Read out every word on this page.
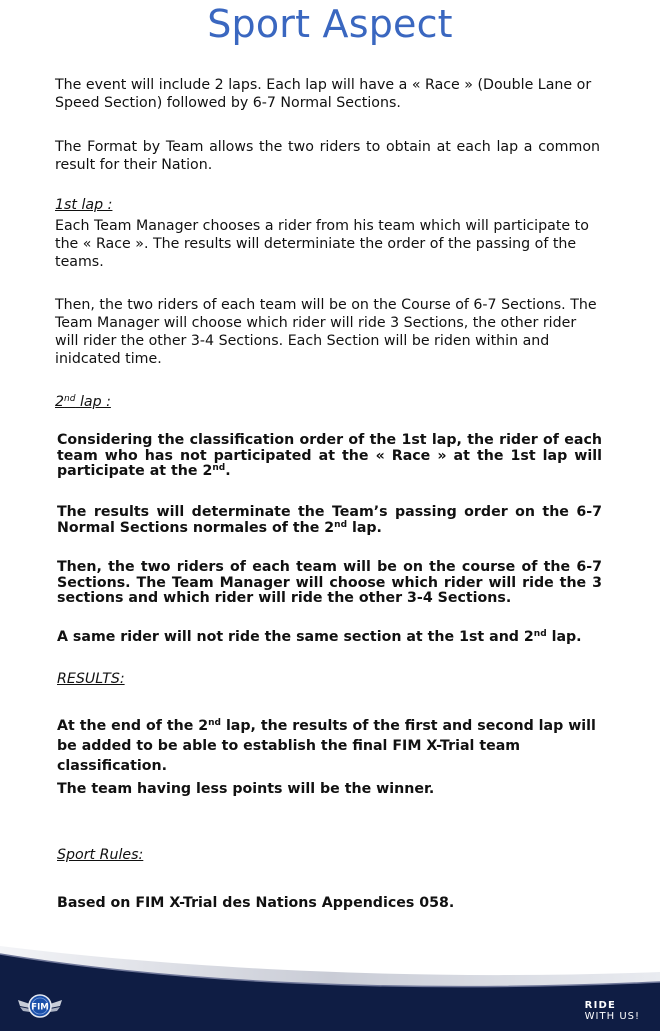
Sport Aspect

The event will include 2 laps. Each lap will have a « Race » (Double Lane or Speed Section) followed by 6-7 Normal Sections.

The Format by Team allows the two riders to obtain at each lap a common result for their Nation.

1st lap :

Each Team Manager chooses a rider from his team which will participate to the « Race ». The results will determiniate the order of the passing of the teams.

Then, the two riders of each team will be on the Course of 6-7 Sections. The Team Manager will choose which rider will ride 3 Sections, the other rider will rider the other 3-4 Sections. Each Section will be riden within and inidcated time.

2nd lap :

Considering the classification order of the 1st lap, the rider of each team who has not participated at the « Race » at the 1st lap will participate at the 2nd.

The results will determinate the Team’s passing order on the 6-7 Normal Sections normales of the 2nd lap.

Then, the two riders of each team will be on the course of the 6-7 Sections. The Team Manager will choose which rider will ride the 3 sections and which rider will ride the other 3-4 Sections.

A same rider will not ride the same section at the 1st and 2nd lap.

RESULTS:

At the end of the 2nd lap, the results of the first and second lap will be added to be able to establish the final FIM X-Trial team classification.

The team having less points will be the winner.

Sport Rules:

Based on FIM X-Trial des Nations Appendices 058.

FIM	RIDE
WITH US!
